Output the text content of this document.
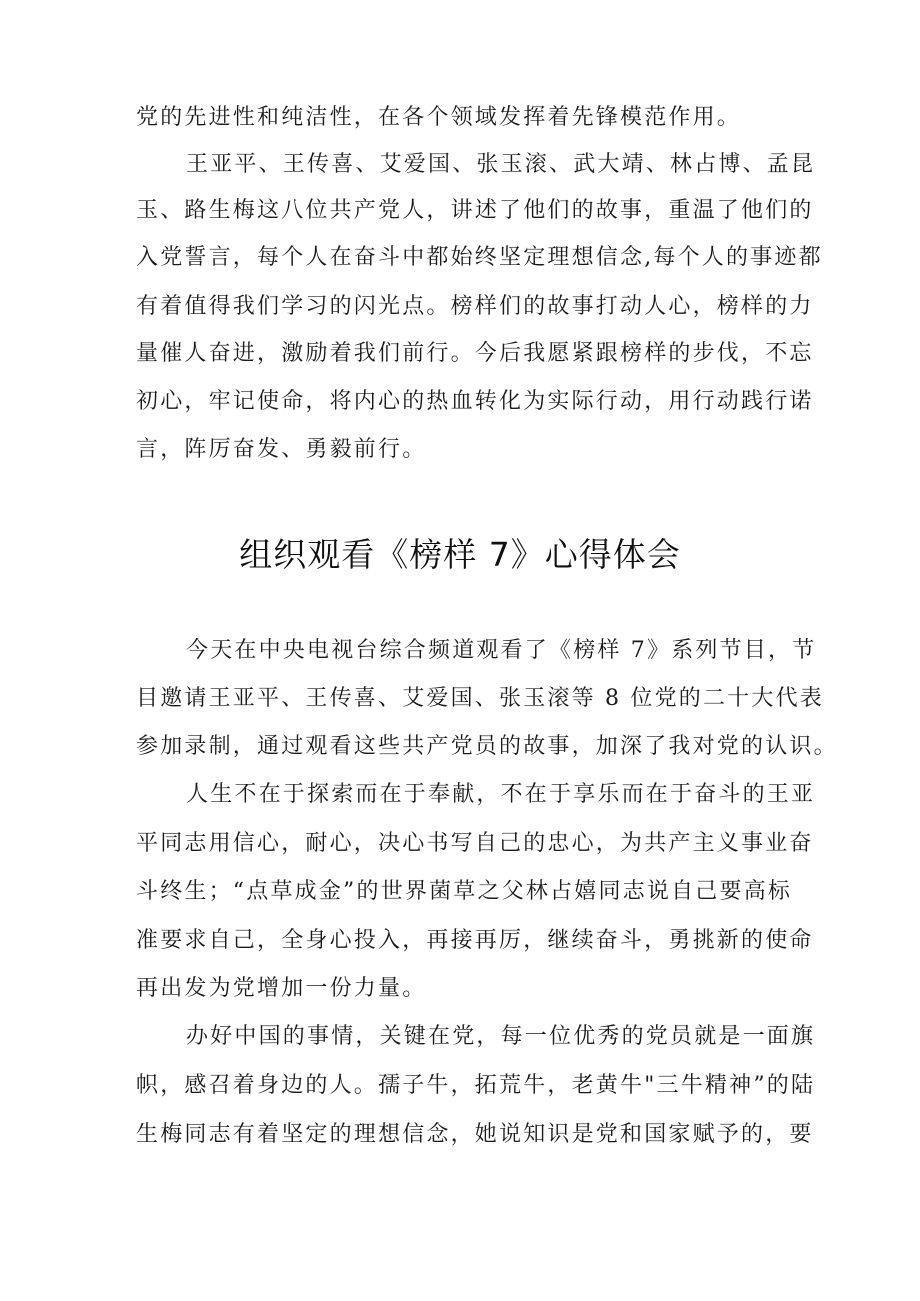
党的先进性和纯洁性，在各个领域发挥着先锋模范作用。
王亚平、王传喜、艾爱国、张玉滚、武大靖、林占博、孟昆
玉、路生梅这八位共产党人，讲述了他们的故事，重温了他们的
入党誓言，每个人在奋斗中都始终坚定理想信念,每个人的事迹都
有着值得我们学习的闪光点。榜样们的故事打动人心，榜样的力
量催人奋进，激励着我们前行。今后我愿紧跟榜样的步伐，不忘
初心，牢记使命，将内心的热血转化为实际行动，用行动践行诺
言，阵厉奋发、勇毅前行。
组织观看《榜样 7》心得体会
今天在中央电视台综合频道观看了《榜样 7》系列节目，节
目邀请王亚平、王传喜、艾爱国、张玉滚等 8 位党的二十大代表
参加录制，通过观看这些共产党员的故事，加深了我对党的认识。
人生不在于探索而在于奉献，不在于享乐而在于奋斗的王亚
平同志用信心，耐心，决心书写自己的忠心，为共产主义事业奋
斗终生；“点草成金”的世界菌草之父林占嬉同志说自己要高标
准要求自己，全身心投入，再接再厉，继续奋斗，勇挑新的使命
再出发为党增加一份力量。
办好中国的事情，关键在党，每一位优秀的党员就是一面旗
帜，感召着身边的人。孺子牛，拓荒牛，老黄牛"三牛精神”的陆
生梅同志有着坚定的理想信念，她说知识是党和国家赋予的，要
